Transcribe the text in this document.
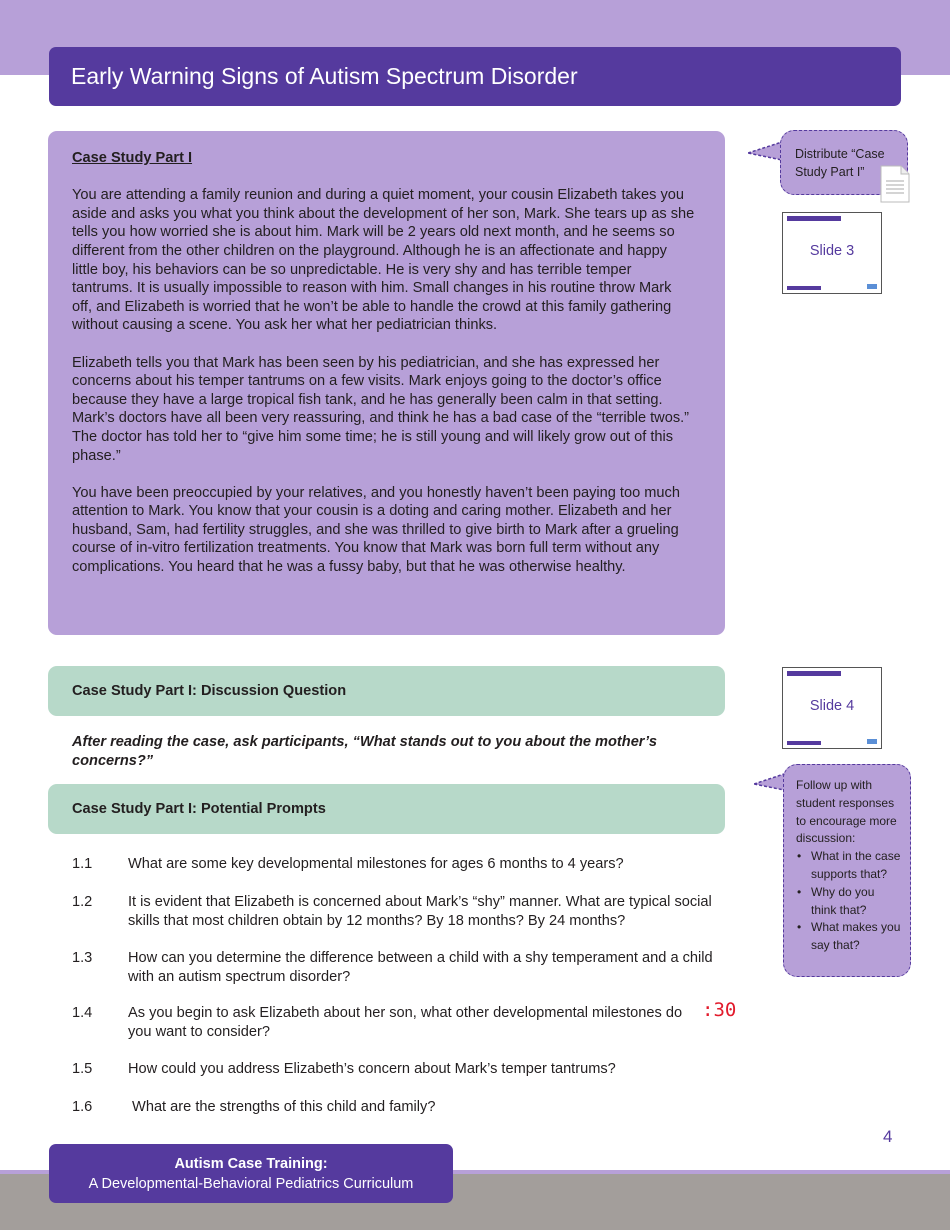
Early Warning Signs of Autism Spectrum Disorder
Case Study Part I

You are attending a family reunion and during a quiet moment, your cousin Elizabeth takes you aside and asks you what you think about the development of her son, Mark. She tears up as she tells you how worried she is about him. Mark will be 2 years old next month, and he seems so different from the other children on the playground. Although he is an affectionate and happy little boy, his behaviors can be so unpredictable. He is very shy and has terrible temper tantrums. It is usually impossible to reason with him. Small changes in his routine throw Mark off, and Elizabeth is worried that he won’t be able to handle the crowd at this family gathering without causing a scene. You ask her what her pediatrician thinks.

Elizabeth tells you that Mark has been seen by his pediatrician, and she has expressed her concerns about his temper tantrums on a few visits. Mark enjoys going to the doctor’s office because they have a large tropical fish tank, and he has generally been calm in that setting. Mark’s doctors have all been very reassuring, and think he has a bad case of the “terrible twos.” The doctor has told her to “give him some time; he is still young and will likely grow out of this phase.”

You have been preoccupied by your relatives, and you honestly haven’t been paying too much attention to Mark. You know that your cousin is a doting and caring mother. Elizabeth and her husband, Sam, had fertility struggles, and she was thrilled to give birth to Mark after a grueling course of in-vitro fertilization treatments. You know that Mark was born full term without any complications. You heard that he was a fussy baby, but that he was otherwise healthy.

Distribute “Case Study Part I”
Slide 3
Case Study Part I: Discussion Question
Slide 4
After reading the case, ask participants, “What stands out to you about the mother’s concerns?”
Case Study Part I: Potential Prompts
Follow up with student responses to encourage more discussion:
• What in the case supports that?
• Why do you think that?
• What makes you say that?
1.1	What are some key developmental milestones for ages 6 months to 4 years?
1.2	It is evident that Elizabeth is concerned about Mark’s “shy” manner. What are typical social skills that most children obtain by 12 months? By 18 months? By 24 months?
1.3	How can you determine the difference between a child with a shy temperament and a child with an autism spectrum disorder?
1.4	As you begin to ask Elizabeth about her son, what other developmental milestones do you want to consider?
1.5	How could you address Elizabeth’s concern about Mark’s temper tantrums?
1.6	What are the strengths of this child and family?
:30
4
Autism Case Training:
A Developmental-Behavioral Pediatrics Curriculum
